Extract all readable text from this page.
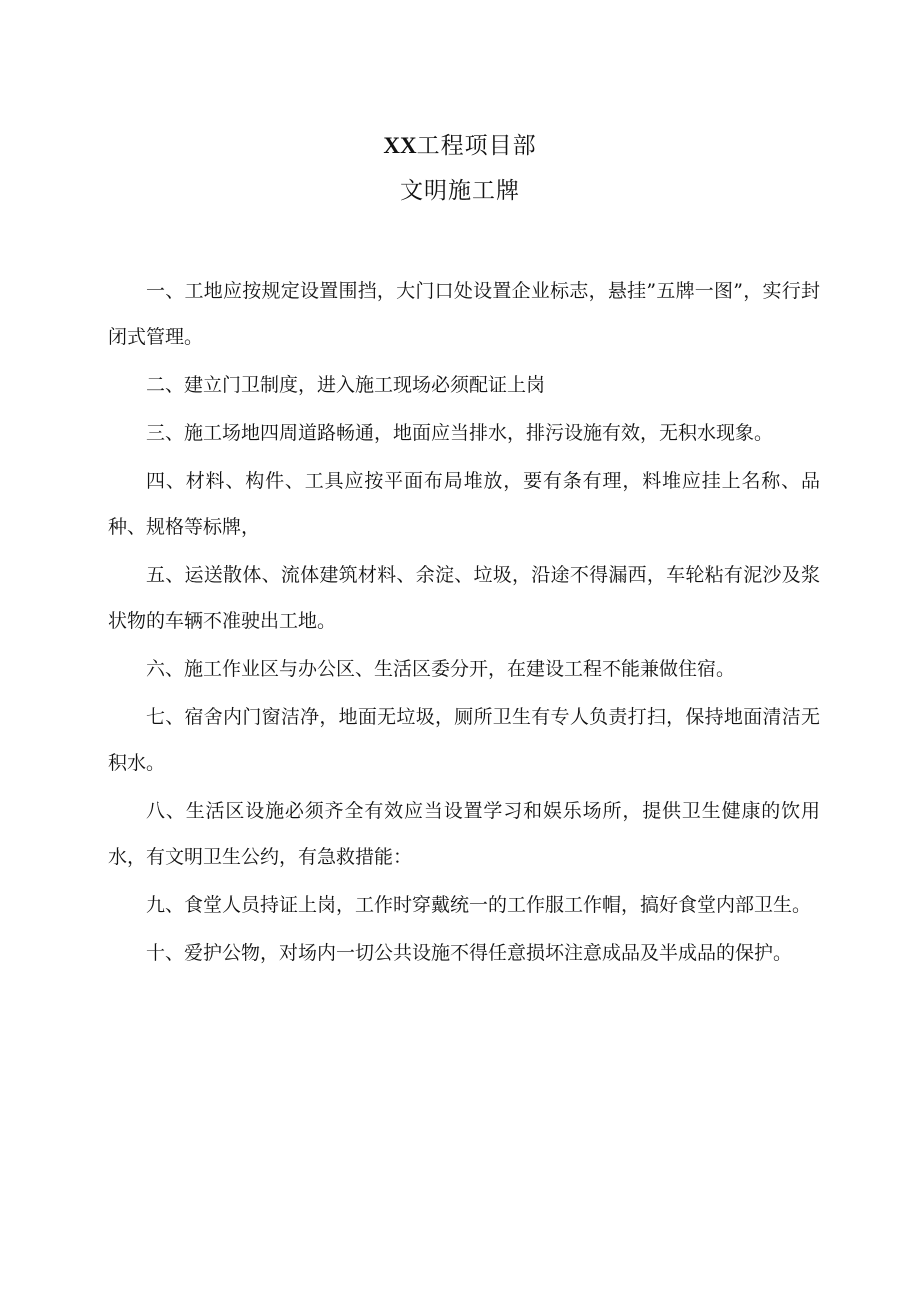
XX工程项目部
文明施工牌

一、工地应按规定设置围挡，大门口处设置企业标志，悬挂”五牌一图”，实行封闭式管理。

二、建立门卫制度，进入施工现场必须配证上岗

三、施工场地四周道路畅通，地面应当排水，排污设施有效，无积水现象。

四、材料、构件、工具应按平面布局堆放，要有条有理，料堆应挂上名称、品种、规格等标牌，

五、运送散体、流体建筑材料、余淀、垃圾，沿途不得漏西，车轮粘有泥沙及浆状物的车辆不准驶出工地。

六、施工作业区与办公区、生活区委分开，在建设工程不能兼做住宿。

七、宿舍内门窗洁净，地面无垃圾，厕所卫生有专人负责打扫，保持地面清洁无积水。

八、生活区设施必须齐全有效应当设置学习和娱乐场所，提供卫生健康的饮用水，有文明卫生公约，有急救措能：

九、食堂人员持证上岗，工作时穿戴统一的工作服工作帽，搞好食堂内部卫生。

十、爱护公物，对场内一切公共设施不得任意损坏注意成品及半成品的保护。
